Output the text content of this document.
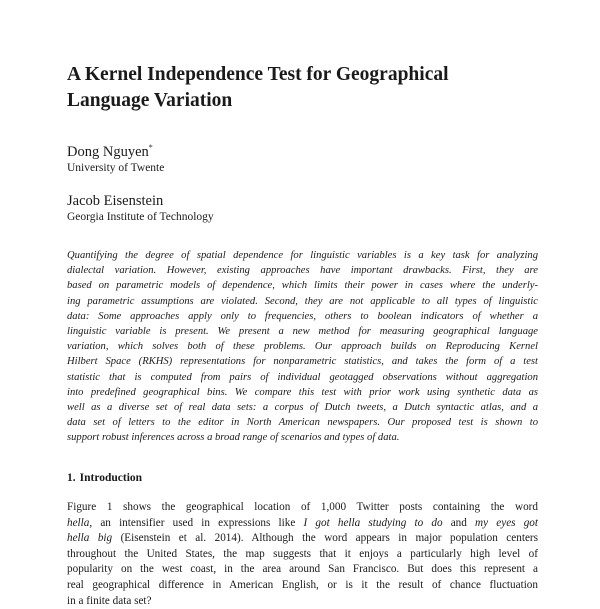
A Kernel Independence Test for Geographical
Language Variation
Dong Nguyen*
University of Twente
Jacob Eisenstein
Georgia Institute of Technology
Quantifying the degree of spatial dependence for linguistic variables is a key task for analyzing
dialectal variation. However, existing approaches have important drawbacks. First, they are
based on parametric models of dependence, which limits their power in cases where the underly-
ing parametric assumptions are violated. Second, they are not applicable to all types of linguistic
data: Some approaches apply only to frequencies, others to boolean indicators of whether a
linguistic variable is present. We present a new method for measuring geographical language
variation, which solves both of these problems. Our approach builds on Reproducing Kernel
Hilbert Space (RKHS) representations for nonparametric statistics, and takes the form of a test
statistic that is computed from pairs of individual geotagged observations without aggregation
into predefined geographical bins. We compare this test with prior work using synthetic data as
well as a diverse set of real data sets: a corpus of Dutch tweets, a Dutch syntactic atlas, and a
data set of letters to the editor in North American newspapers. Our proposed test is shown to
support robust inferences across a broad range of scenarios and types of data.
1. Introduction
Figure 1 shows the geographical location of 1,000 Twitter posts containing the word
hella, an intensifier used in expressions like I got hella studying to do and my eyes got
hella big (Eisenstein et al. 2014). Although the word appears in major population centers
throughout the United States, the map suggests that it enjoys a particularly high level of
popularity on the west coast, in the area around San Francisco. But does this represent a
real geographical difference in American English, or is it the result of chance fluctuation
in a finite data set?
